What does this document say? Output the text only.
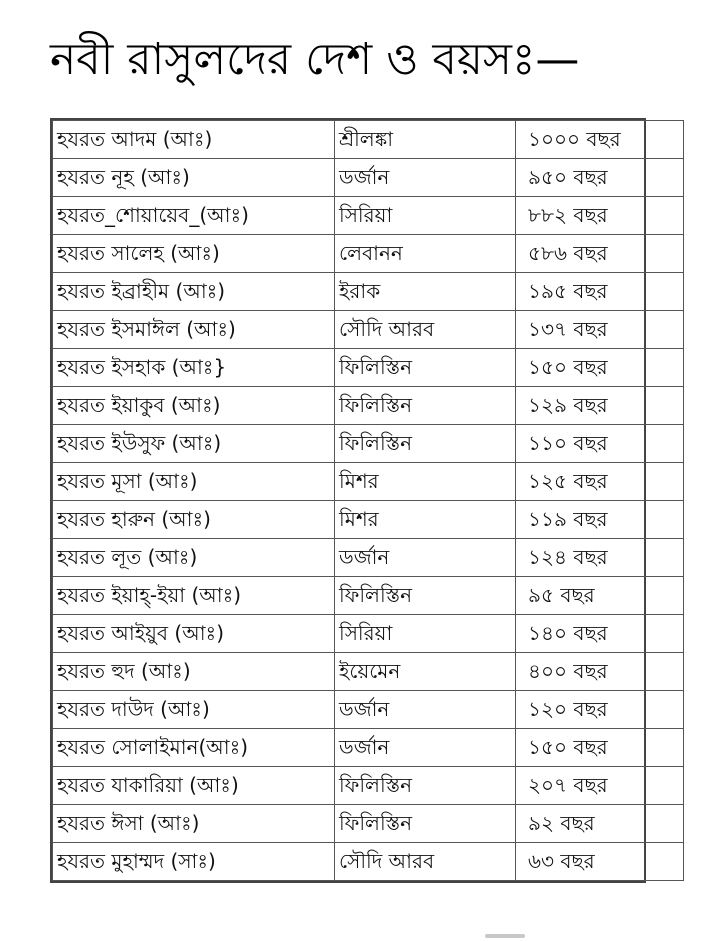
নবী রাসুলদের দেশ ও বয়সঃ—
হযরত আদম (আঃ)	শ্রীলঙ্কা	১০০০ বছর
হযরত নূহ (আঃ)	ডর্জান	৯৫০ বছর
হযরত_শোয়ায়েব_(আঃ)	সিরিয়া	৮৮২ বছর
হযরত সালেহ (আঃ)	লেবানন	৫৮৬ বছর
হযরত ইব্রাহীম (আঃ)	ইরাক	১৯৫ বছর
হযরত ইসমাঈল (আঃ)	সৌদি আরব	১৩৭ বছর
হযরত ইসহাক (আঃ}	ফিলিস্তিন	১৫০ বছর
হযরত ইয়াকুব (আঃ)	ফিলিস্তিন	১২৯ বছর
হযরত ইউসুফ (আঃ)	ফিলিস্তিন	১১০ বছর
হযরত মূসা (আঃ)	মিশর	১২৫ বছর
হযরত হারুন (আঃ)	মিশর	১১৯ বছর
হযরত লূত (আঃ)	ডর্জান	১২৪ বছর
হযরত ইয়াহ্-ইয়া (আঃ)	ফিলিস্তিন	৯৫ বছর
হযরত আইয়ুব (আঃ)	সিরিয়া	১৪০ বছর
হযরত হুদ (আঃ)	ইয়েমেন	৪০০ বছর
হযরত দাউদ (আঃ)	ডর্জান	১২০ বছর
হযরত সোলাইমান(আঃ)	ডর্জান	১৫০ বছর
হযরত যাকারিয়া (আঃ)	ফিলিস্তিন	২০৭ বছর
হযরত ঈসা (আঃ)	ফিলিস্তিন	৯২ বছর
হযরত মুহাম্মদ (সাঃ)	সৌদি আরব	৬৩ বছর
